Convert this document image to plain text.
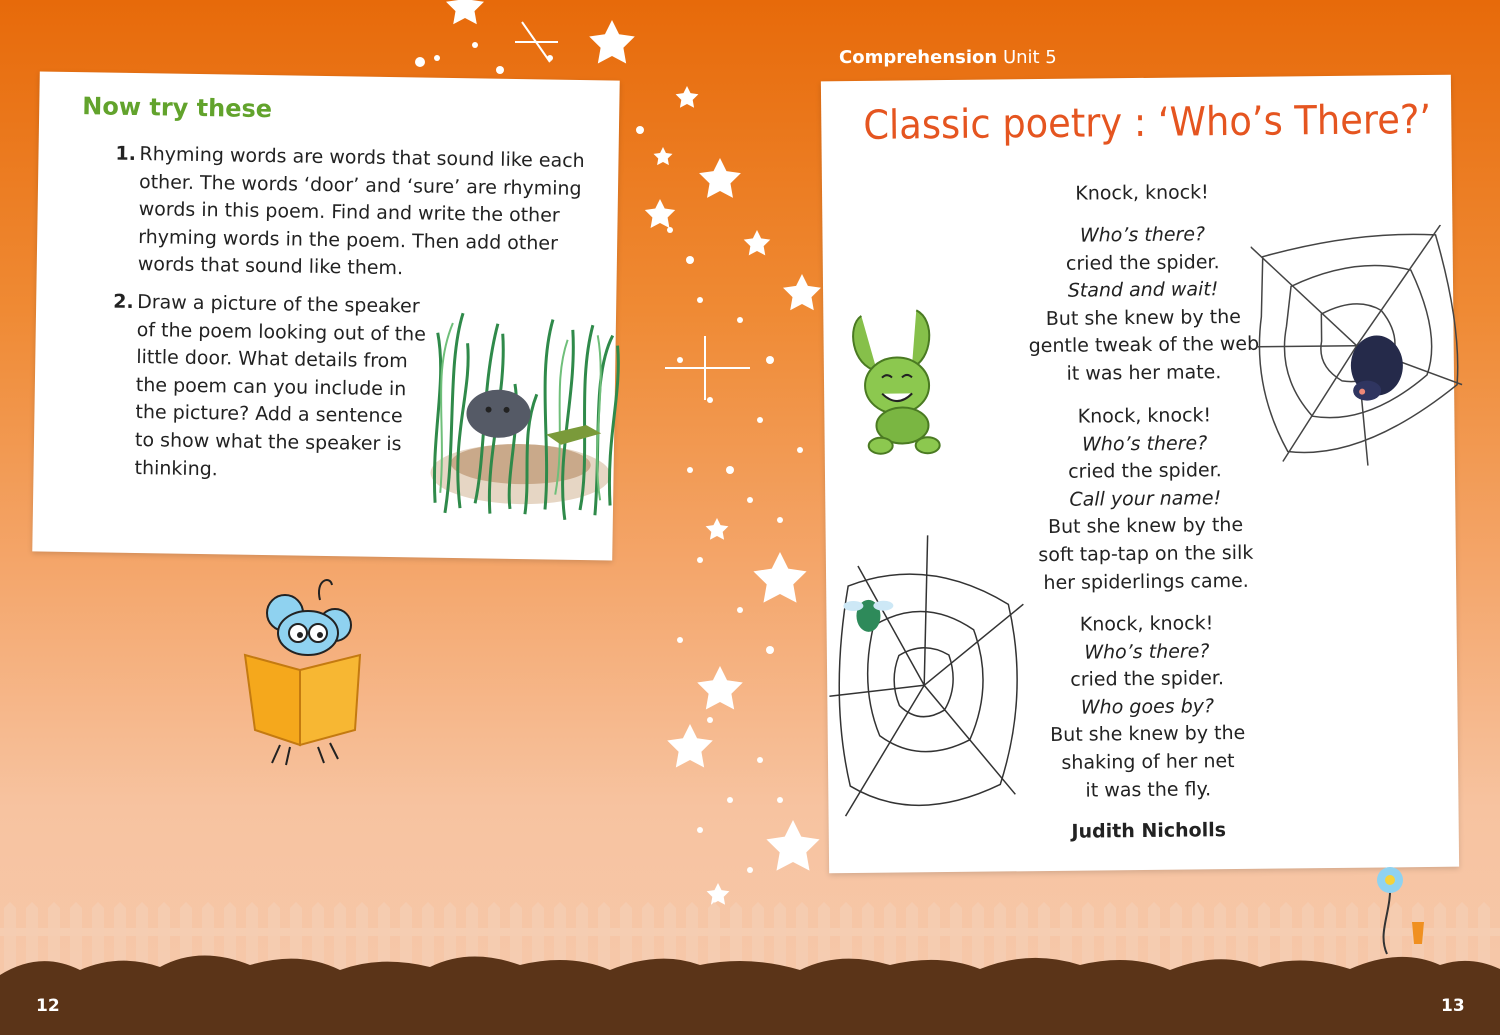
Now try these
1. Rhyming words are words that sound like each other. The words ‘door’ and ‘sure’ are rhyming words in this poem. Find and write the other rhyming words in the poem. Then add other words that sound like them.
2. Draw a picture of the speaker of the poem looking out of the little door. What details from the poem can you include in the picture? Add a sentence to show what the speaker is thinking.
Comprehension Unit 5
Classic poetry : ‘Who’s There?’
Knock, knock!
Who’s there?
cried the spider.
Stand and wait!
But she knew by the
gentle tweak of the web
it was her mate.
Knock, knock!
Who’s there?
cried the spider.
Call your name!
But she knew by the
soft tap-tap on the silk
her spiderlings came.
Knock, knock!
Who’s there?
cried the spider.
Who goes by?
But she knew by the
shaking of her net
it was the fly.
Judith Nicholls
12	13
